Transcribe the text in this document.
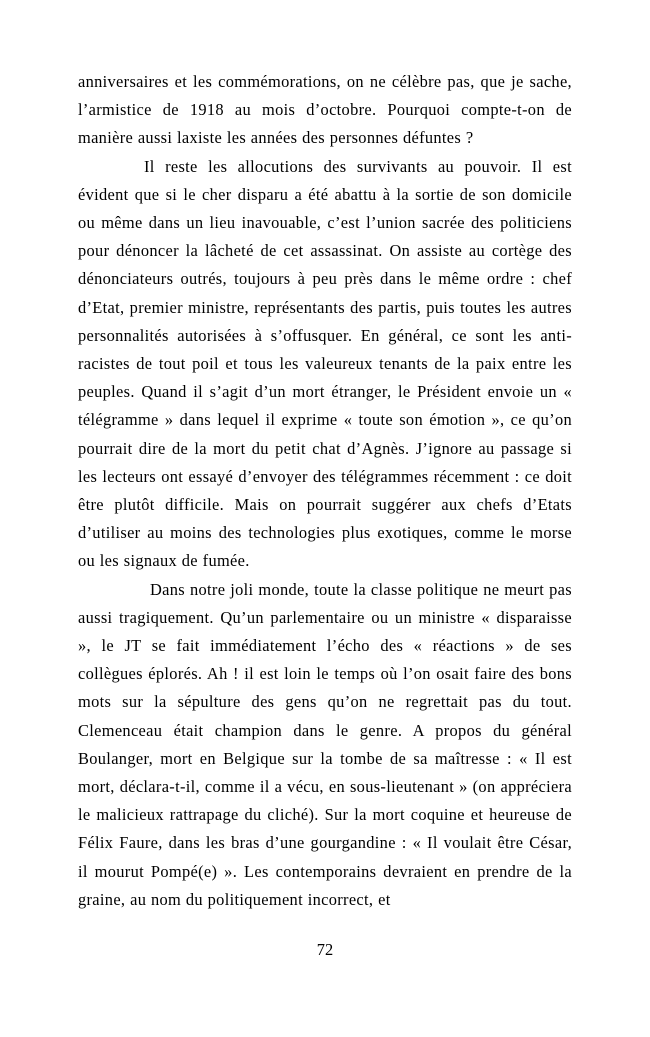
anniversaires et les commémorations, on ne célèbre pas, que je sache, l’armistice de 1918 au mois d’octobre. Pourquoi compte-t-on de manière aussi laxiste les années des personnes défuntes ?

Il reste les allocutions des survivants au pouvoir. Il est évident que si le cher disparu a été abattu à la sortie de son domicile ou même dans un lieu inavouable, c’est l’union sacrée des politiciens pour dénoncer la lâcheté de cet assassinat. On assiste au cortège des dénonciateurs outrés, toujours à peu près dans le même ordre : chef d’Etat, premier ministre, représentants des partis, puis toutes les autres personnalités autorisées à s’offusquer. En général, ce sont les anti-racistes de tout poil et tous les valeureux tenants de la paix entre les peuples. Quand il s’agit d’un mort étranger, le Président envoie un « télégramme » dans lequel il exprime « toute son émotion », ce qu’on pourrait dire de la mort du petit chat d’Agnès. J’ignore au passage si les lecteurs ont essayé d’envoyer des télégrammes récemment : ce doit être plutôt difficile. Mais on pourrait suggérer aux chefs d’Etats d’utiliser au moins des technologies plus exotiques, comme le morse ou les signaux de fumée.

Dans notre joli monde, toute la classe politique ne meurt pas aussi tragiquement. Qu’un parlementaire ou un ministre « disparaisse », le JT se fait immédiatement l’écho des « réactions » de ses collègues éplorés. Ah ! il est loin le temps où l’on osait faire des bons mots sur la sépulture des gens qu’on ne regrettait pas du tout. Clemenceau était champion dans le genre. A propos du général Boulanger, mort en Belgique sur la tombe de sa maîtresse : « Il est mort, déclara-t-il, comme il a vécu, en sous-lieutenant » (on appréciera le malicieux rattrapage du cliché). Sur la mort coquine et heureuse de Félix Faure, dans les bras d’une gourgandine : « Il voulait être César, il mourut Pompé(e) ». Les contemporains devraient en prendre de la graine, au nom du politiquement incorrect, et

72
